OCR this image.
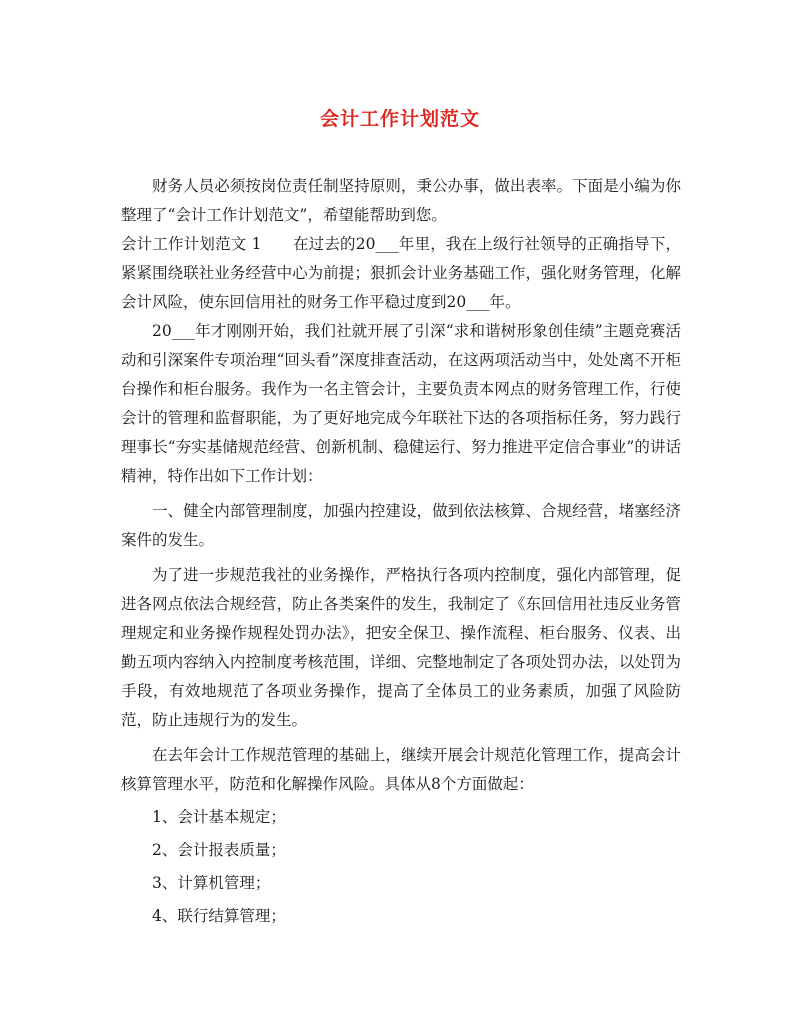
会计工作计划范文

财务人员必须按岗位责任制坚持原则，秉公办事，做出表率。下面是小编为你整理了“会计工作计划范文”，希望能帮助到您。

会计工作计划范文 1　　在过去的20___年里，我在上级行社领导的正确指导下，紧紧围绕联社业务经营中心为前提；狠抓会计业务基础工作，强化财务管理，化解会计风险，使东回信用社的财务工作平稳过度到20___年。

20___年才刚刚开始，我们社就开展了引深“求和谐树形象创佳绩”主题竞赛活动和引深案件专项治理“回头看”深度排查活动，在这两项活动当中，处处离不开柜台操作和柜台服务。我作为一名主管会计，主要负责本网点的财务管理工作，行使会计的管理和监督职能，为了更好地完成今年联社下达的各项指标任务，努力践行理事长“夯实基储规范经营、创新机制、稳健运行、努力推进平定信合事业”的讲话精神，特作出如下工作计划：

一、健全内部管理制度，加强内控建设，做到依法核算、合规经营，堵塞经济案件的发生。

为了进一步规范我社的业务操作，严格执行各项内控制度，强化内部管理，促进各网点依法合规经营，防止各类案件的发生，我制定了《东回信用社违反业务管理规定和业务操作规程处罚办法》，把安全保卫、操作流程、柜台服务、仪表、出勤五项内容纳入内控制度考核范围，详细、完整地制定了各项处罚办法，以处罚为手段，有效地规范了各项业务操作，提高了全体员工的业务素质，加强了风险防范，防止违规行为的发生。

在去年会计工作规范管理的基础上，继续开展会计规范化管理工作，提高会计核算管理水平，防范和化解操作风险。具体从8个方面做起：

1、会计基本规定；

2、会计报表质量；

3、计算机管理；

4、联行结算管理；
